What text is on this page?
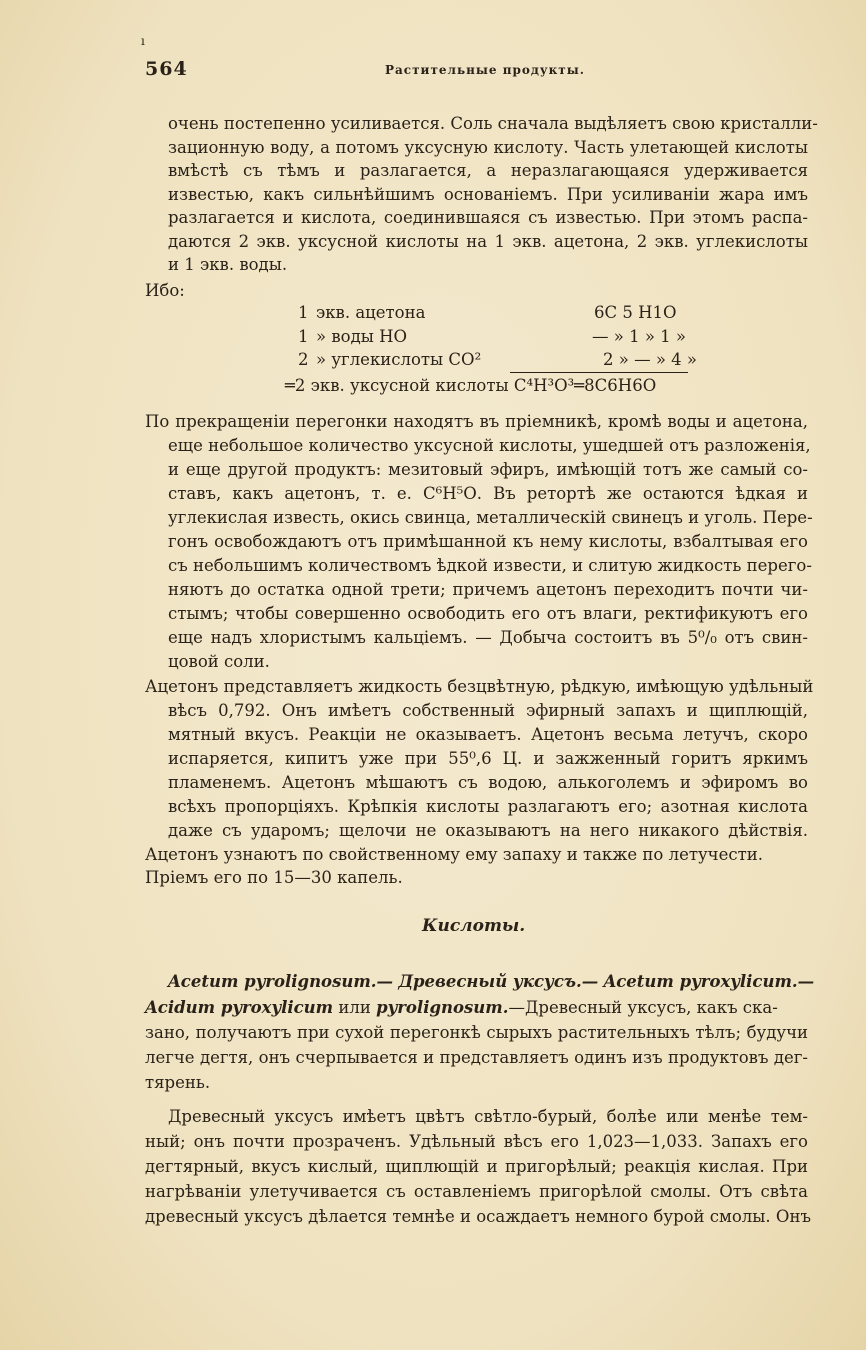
ı
564	Растительные продукты.
очень постепенно усиливается. Соль сначала выдѣляетъ свою кристалли-
зационную воду, а потомъ уксусную кислоту. Часть улетающей кислоты
вмѣстѣ съ тѣмъ и разлагается, а неразлагающаяся удерживается
известью, какъ сильнѣйшимъ основаніемъ. При усиливаніи жара имъ
разлагается и кислота, соединившаяся съ известью. При этомъ распа-
даются 2 экв. уксусной кислоты на 1 экв. ацетона, 2 экв. углекислоты
и 1 экв. воды.
Ибо:
1 экв. ацетона	6С 5 Н1О
1 » воды НО	— » 1 » 1 »
2 » углекислоты СО²	2 » — » 4 »
═2 экв. уксусной кислоты С⁴Н³О³═8С6Н6О
По прекращеніи перегонки находятъ въ пріемникѣ, кромѣ воды и ацетона,
еще небольшое количество уксусной кислоты, ушедшей отъ разложенія,
и еще другой продуктъ: мезитовый эфиръ, имѣющій тотъ же самый со-
ставъ, какъ ацетонъ, т. е. С⁶Н⁵О. Въ ретортѣ же остаются ѣдкая и
углекислая известь, окись свинца, металлическій свинецъ и уголь. Пере-
гонъ освобождаютъ отъ примѣшанной къ нему кислоты, взбалтывая его
съ небольшимъ количествомъ ѣдкой извести, и слитую жидкость перего-
няютъ до остатка одной трети; причемъ ацетонъ переходитъ почти чи-
стымъ; чтобы совершенно освободить его отъ влаги, ректификуютъ его
еще надъ хлористымъ кальціемъ. — Добыча состоитъ въ 5⁰/₀ отъ свин-
цовой соли.
Ацетонъ представляетъ жидкость безцвѣтную, рѣдкую, имѣющую удѣльный
вѣсъ 0,792. Онъ имѣетъ собственный эфирный запахъ и щиплющій,
мятный вкусъ. Реакціи не оказываетъ. Ацетонъ весьма летучъ, скоро
испаряется, кипитъ уже при 55⁰,6 Ц. и зажженный горитъ яркимъ
пламенемъ. Ацетонъ мѣшаютъ съ водою, алькоголемъ и эфиромъ во
всѣхъ пропорціяхъ. Крѣпкія кислоты разлагаютъ его; азотная кислота
даже съ ударомъ; щелочи не оказываютъ на него никакого дѣйствія.
Ацетонъ узнаютъ по свойственному ему запаху и также по летучести.
Пріемъ его по 15—30 капель.
Кислоты.
Acetum pyrolignosum.— Древесный уксусъ.— Acetum pyroxylicum.—
Acidum pyroxylicum или pyrolignosum.—Древесный уксусъ, какъ ска-
зано, получаютъ при сухой перегонкѣ сырыхъ растительныхъ тѣлъ; будучи
легче дегтя, онъ счерпывается и представляетъ одинъ изъ продуктовъ дег-
тярень.
Древесный уксусъ имѣетъ цвѣтъ свѣтло-бурый, болѣе или менѣе тем-
ный; онъ почти прозраченъ. Удѣльный вѣсъ его 1,023—1,033. Запахъ его
дегтярный, вкусъ кислый, щиплющій и пригорѣлый; реакція кислая. При
нагрѣваніи улетучивается съ оставленіемъ пригорѣлой смолы. Отъ свѣта
древесный уксусъ дѣлается темнѣе и осаждаетъ немного бурой смолы. Онъ
